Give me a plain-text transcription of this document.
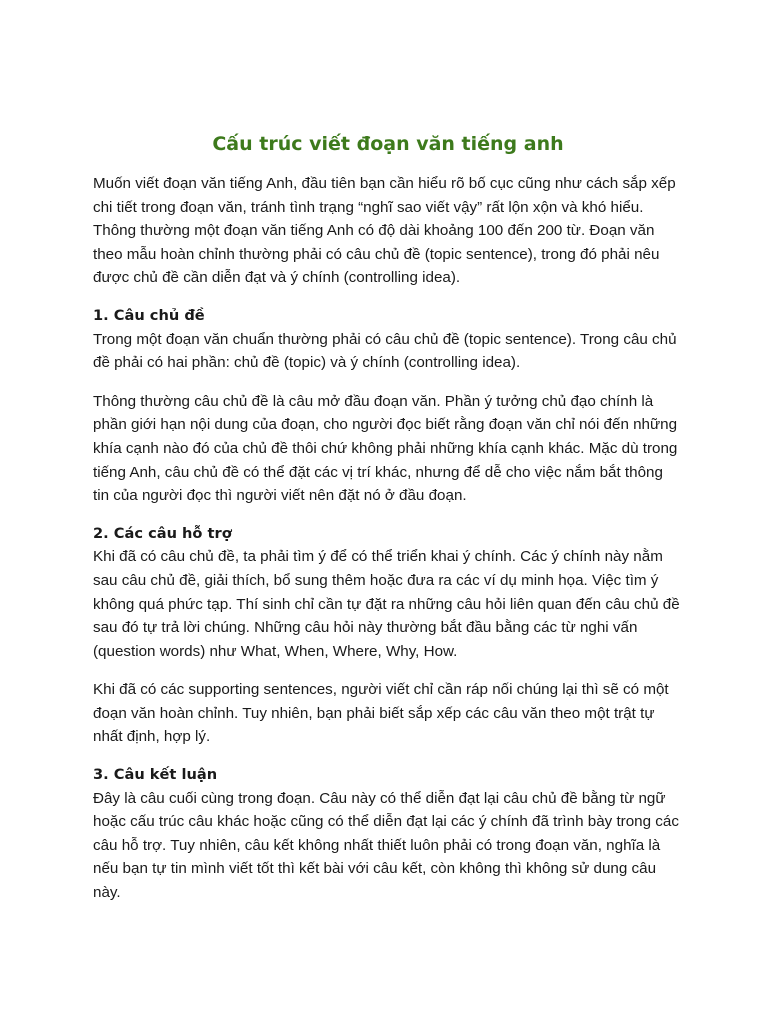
Cấu trúc viết đoạn văn tiếng anh

Muốn viết đoạn văn tiếng Anh, đầu tiên bạn cần hiểu rõ bố cục cũng như cách sắp xếp chi tiết trong đoạn văn, tránh tình trạng “nghĩ sao viết vậy” rất lộn xộn và khó hiểu. Thông thường một đoạn văn tiếng Anh có độ dài khoảng 100 đến 200 từ. Đoạn văn theo mẫu hoàn chỉnh thường phải có câu chủ đề (topic sentence), trong đó phải nêu được chủ đề cần diễn đạt và ý chính (controlling idea).

1. Câu chủ đề

Trong một đoạn văn chuẩn thường phải có câu chủ đề (topic sentence). Trong câu chủ đề phải có hai phần: chủ đề (topic) và ý chính (controlling idea).

Thông thường câu chủ đề là câu mở đầu đoạn văn. Phần ý tưởng chủ đạo chính là phần giới hạn nội dung của đoạn, cho người đọc biết rằng đoạn văn chỉ nói đến những khía cạnh nào đó của chủ đề thôi chứ không phải những khía cạnh khác. Mặc dù trong tiếng Anh, câu chủ đề có thể đặt các vị trí khác, nhưng để dễ cho việc nắm bắt thông tin của người đọc thì người viết nên đặt nó ở đầu đoạn.

2. Các câu hỗ trợ

Khi đã có câu chủ đề, ta phải tìm ý để có thể triển khai ý chính. Các ý chính này nằm sau câu chủ đề, giải thích, bổ sung thêm hoặc đưa ra các ví dụ minh họa. Việc tìm ý không quá phức tạp. Thí sinh chỉ cần tự đặt ra những câu hỏi liên quan đến câu chủ đề sau đó tự trả lời chúng. Những câu hỏi này thường bắt đầu bằng các từ nghi vấn (question words) như What, When, Where, Why, How.

Khi đã có các supporting sentences, người viết chỉ cần ráp nối chúng lại thì sẽ có một đoạn văn hoàn chỉnh. Tuy nhiên, bạn phải biết sắp xếp các câu văn theo một trật tự nhất định, hợp lý.

3. Câu kết luận

Đây là câu cuối cùng trong đoạn. Câu này có thể diễn đạt lại câu chủ đề bằng từ ngữ hoặc cấu trúc câu khác hoặc cũng có thể diễn đạt lại các ý chính đã trình bày trong các câu hỗ trợ. Tuy nhiên, câu kết không nhất thiết luôn phải có trong đoạn văn, nghĩa là nếu bạn tự tin mình viết tốt thì kết bài với câu kết, còn không thì không sử dung câu này.
